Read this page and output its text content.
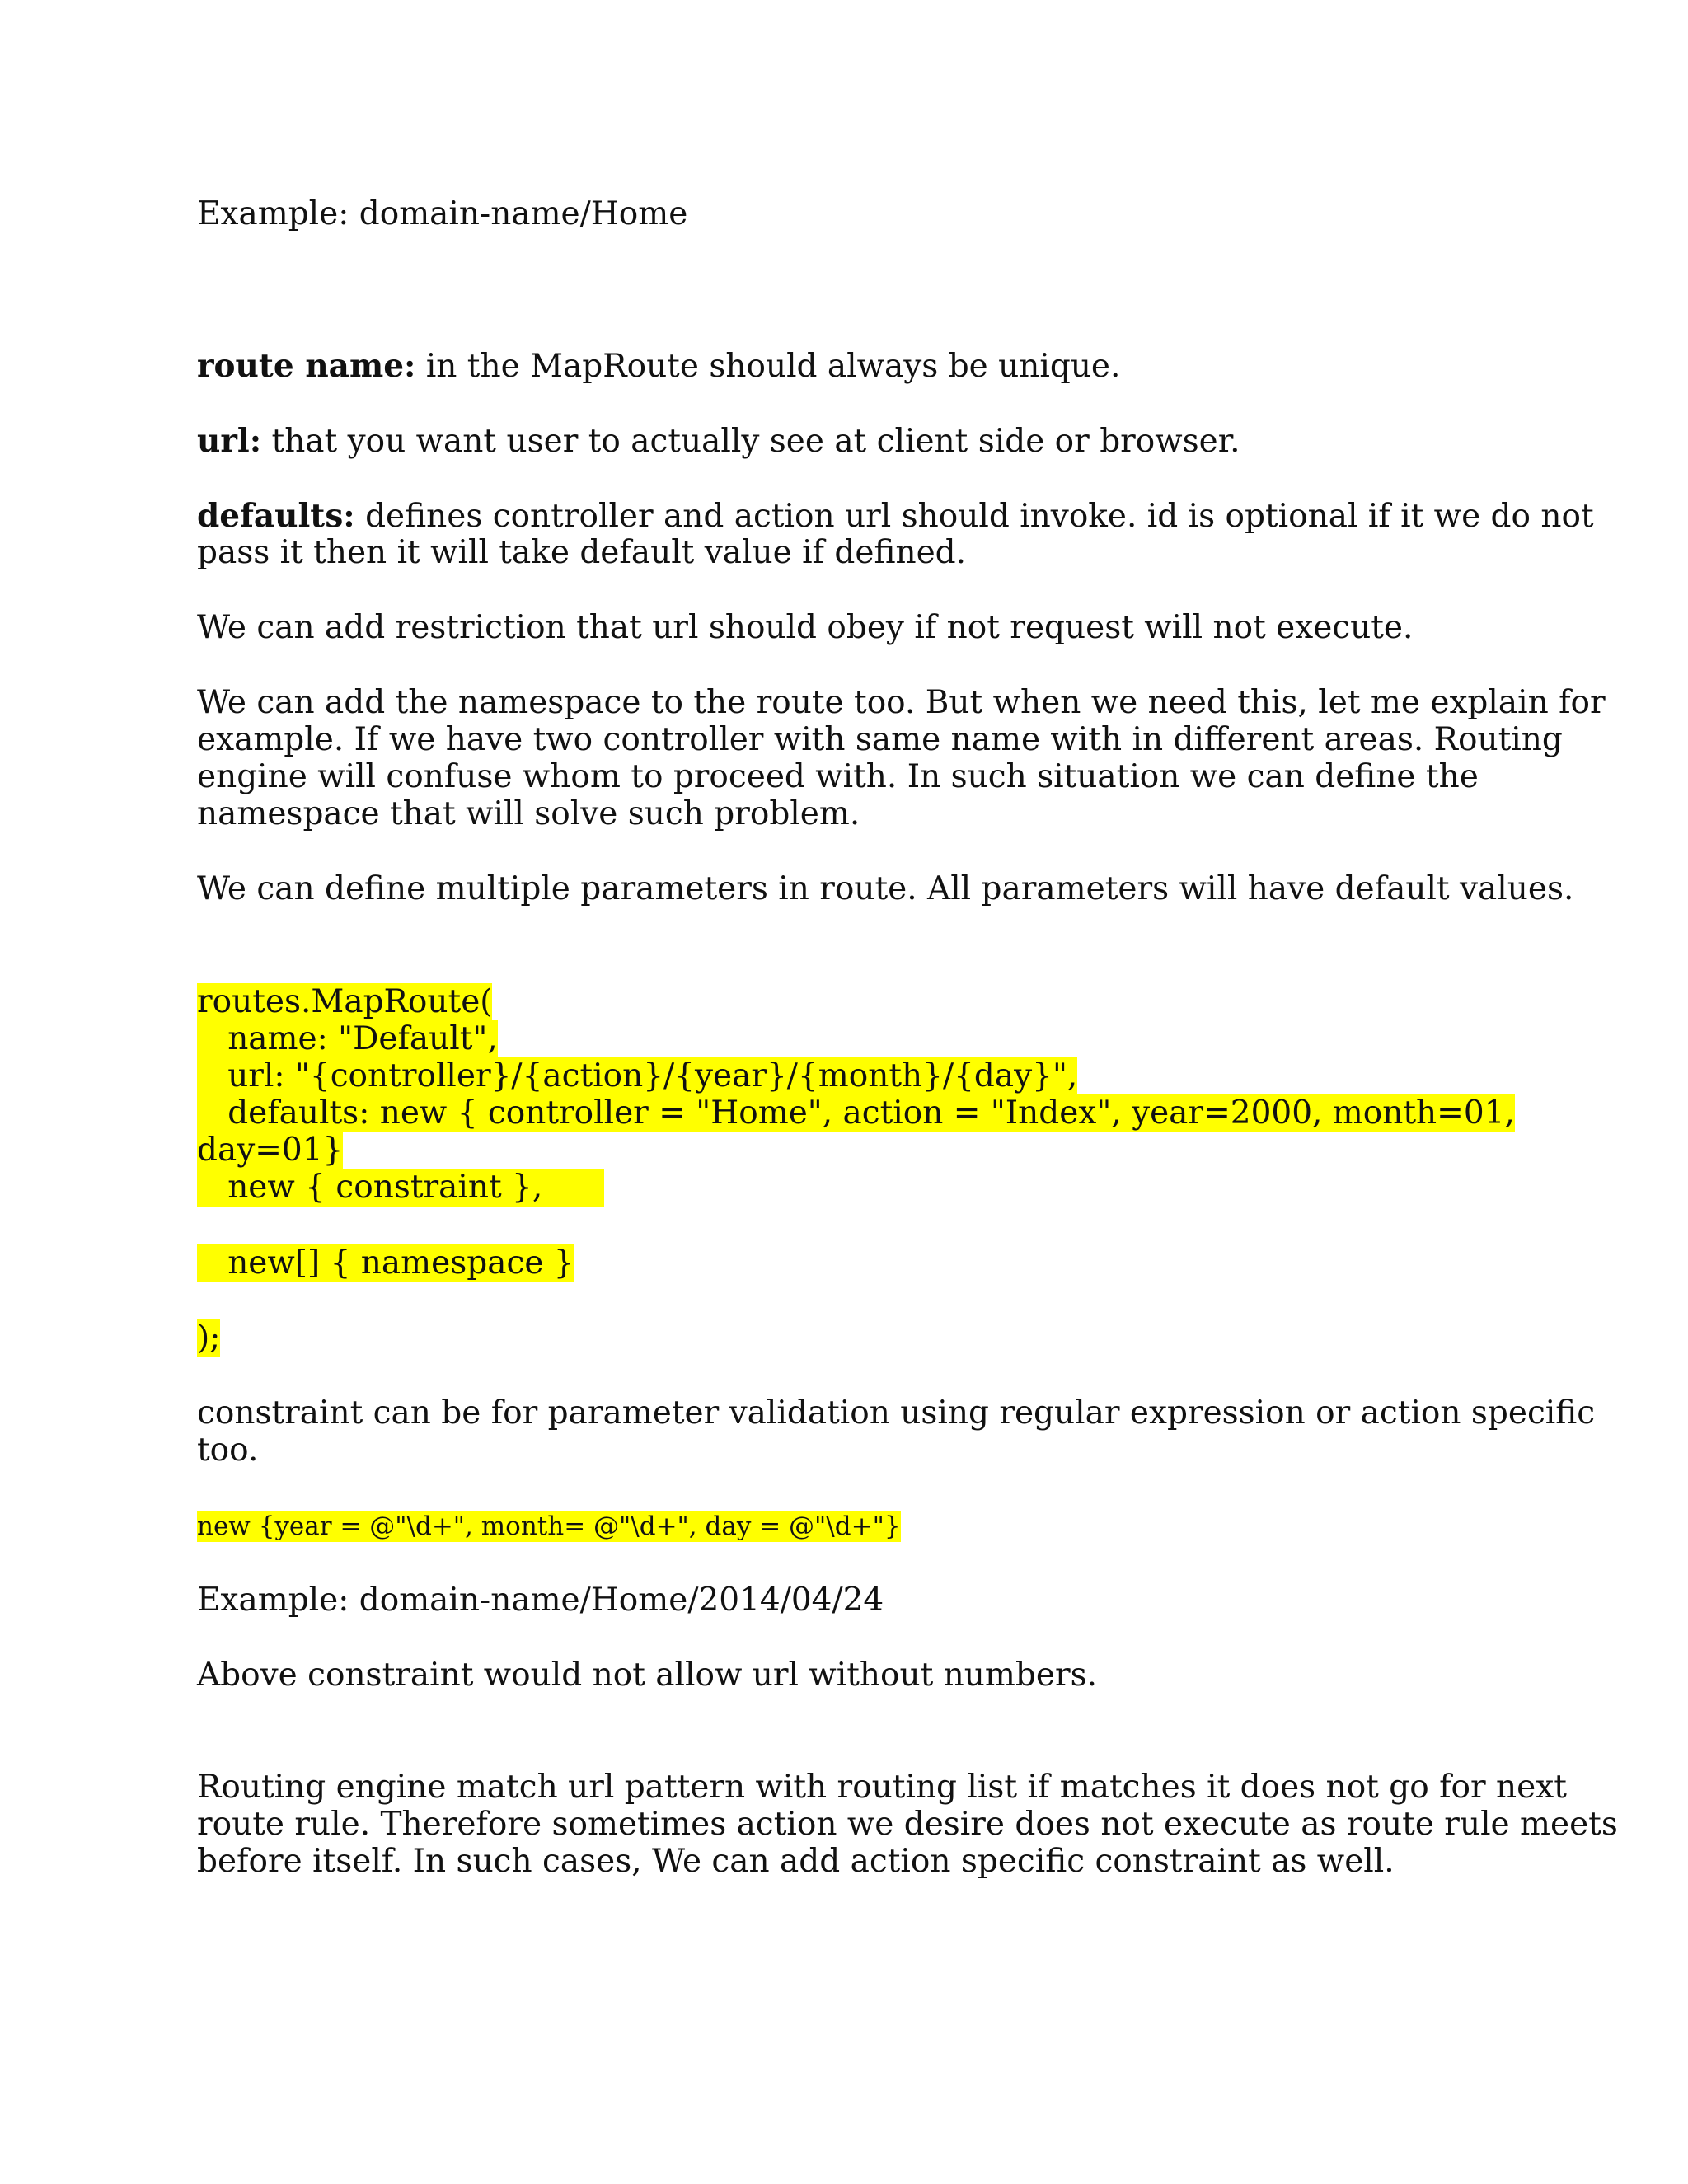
Example: domain-name/Home
route name: in the MapRoute should always be unique.
url: that you want user to actually see at client side or browser.
defaults: defines controller and action url should invoke. id is optional if it we do not
pass it then it will take default value if defined.
We can add restriction that url should obey if not request will not execute.
We can add the namespace to the route too. But when we need this, let me explain for
example. If we have two controller with same name with in different areas. Routing
engine will confuse whom to proceed with. In such situation we can define the
namespace that will solve such problem.
We can define multiple parameters in route. All parameters will have default values.
routes.MapRoute(
name: "Default",
url: "{controller}/{action}/{year}/{month}/{day}",
defaults: new { controller = "Home", action = "Index", year=2000, month=01,
day=01}
new { constraint },
new[] { namespace }
);
constraint can be for parameter validation using regular expression or action specific
too.
new {year = @"\d+", month= @"\d+", day = @"\d+"}
Example: domain-name/Home/2014/04/24
Above constraint would not allow url without numbers.
Routing engine match url pattern with routing list if matches it does not go for next
route rule. Therefore sometimes action we desire does not execute as route rule meets
before itself. In such cases, We can add action specific constraint as well.
